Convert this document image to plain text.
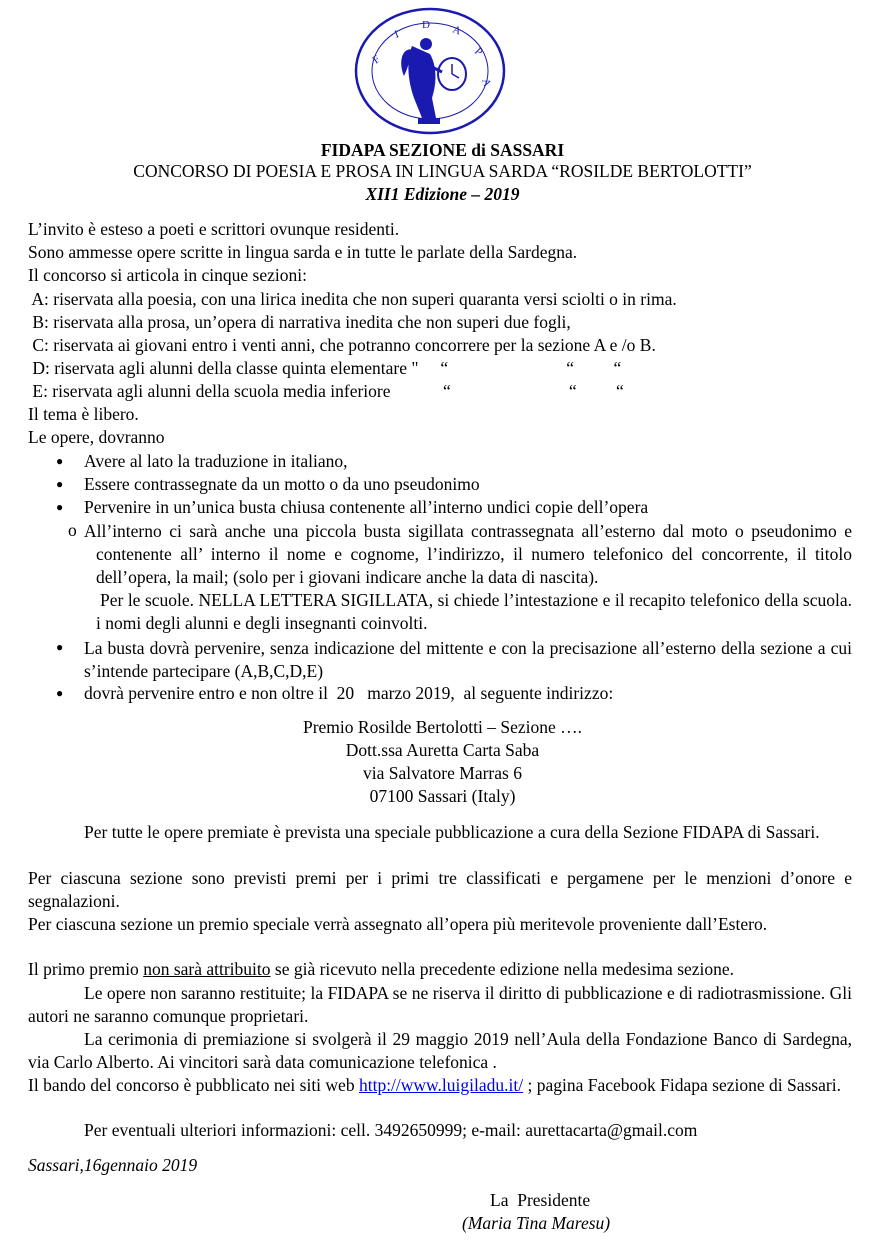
F
I
D A
P
A
FIDAPA SEZIONE di SASSARI
CONCORSO DI POESIA E PROSA IN LINGUA SARDA “ROSILDE BERTOLOTTI”
XII1 Edizione – 2019
L’invito è esteso a poeti e scrittori ovunque residenti.
Sono ammesse opere scritte in lingua sarda e in tutte le parlate della Sardegna.
Il concorso si articola in cinque sezioni:
A: riservata alla poesia, con una lirica inedita che non superi quaranta versi sciolti o in rima.
B: riservata alla prosa, un’opera di narrativa inedita che non superi due fogli,
C: riservata ai giovani entro i venti anni, che potranno concorrere per la sezione A e /o B.
D: riservata agli alunni della classe quinta elementare "     “                           “         “
E: riservata agli alunni della scuola media inferiore            “                           “         “
Il tema è libero.
Le opere, dovranno
● Avere al lato la traduzione in italiano,
● Essere contrassegnate da un motto o da uno pseudonimo
● Pervenire in un’unica busta chiusa contenente all’interno undici copie dell’opera
o All’interno ci sarà anche una piccola busta sigillata contrassegnata all’esterno dal moto o pseudonimo e contenente all’ interno il nome e cognome, l’indirizzo, il numero telefonico del concorrente, il titolo dell’opera, la mail; (solo per i giovani indicare anche la data di nascita).
Per le scuole. NELLA LETTERA SIGILLATA, si chiede l’intestazione e il recapito telefonico della scuola. i nomi degli alunni e degli insegnanti coinvolti.
● La busta dovrà pervenire, senza indicazione del mittente e con la precisazione all’esterno della sezione a cui s’intende partecipare (A,B,C,D,E)
● dovrà pervenire entro e non oltre il  20   marzo 2019,  al seguente indirizzo:
Premio Rosilde Bertolotti – Sezione ….
Dott.ssa Auretta Carta Saba
via Salvatore Marras 6
07100 Sassari (Italy)
Per tutte le opere premiate è prevista una speciale pubblicazione a cura della Sezione FIDAPA di Sassari.
Per ciascuna sezione sono previsti premi per i primi tre classificati e pergamene per le menzioni d’onore e segnalazioni.
Per ciascuna sezione un premio speciale verrà assegnato all’opera più meritevole proveniente dall’Estero.
Il primo premio non sarà attribuito se già ricevuto nella precedente edizione nella medesima sezione.
Le opere non saranno restituite; la FIDAPA se ne riserva il diritto di pubblicazione e di radiotrasmissione. Gli autori ne saranno comunque proprietari.
La cerimonia di premiazione si svolgerà il 29 maggio 2019 nell’Aula della Fondazione Banco di Sardegna, via Carlo Alberto. Ai vincitori sarà data comunicazione telefonica .
Il bando del concorso è pubblicato nei siti web http://www.luigiladu.it/ ; pagina Facebook Fidapa sezione di Sassari.
Per eventuali ulteriori informazioni: cell. 3492650999; e-mail: aurettacarta@gmail.com
Sassari,16gennaio 2019
La  Presidente
(Maria Tina Maresu)
